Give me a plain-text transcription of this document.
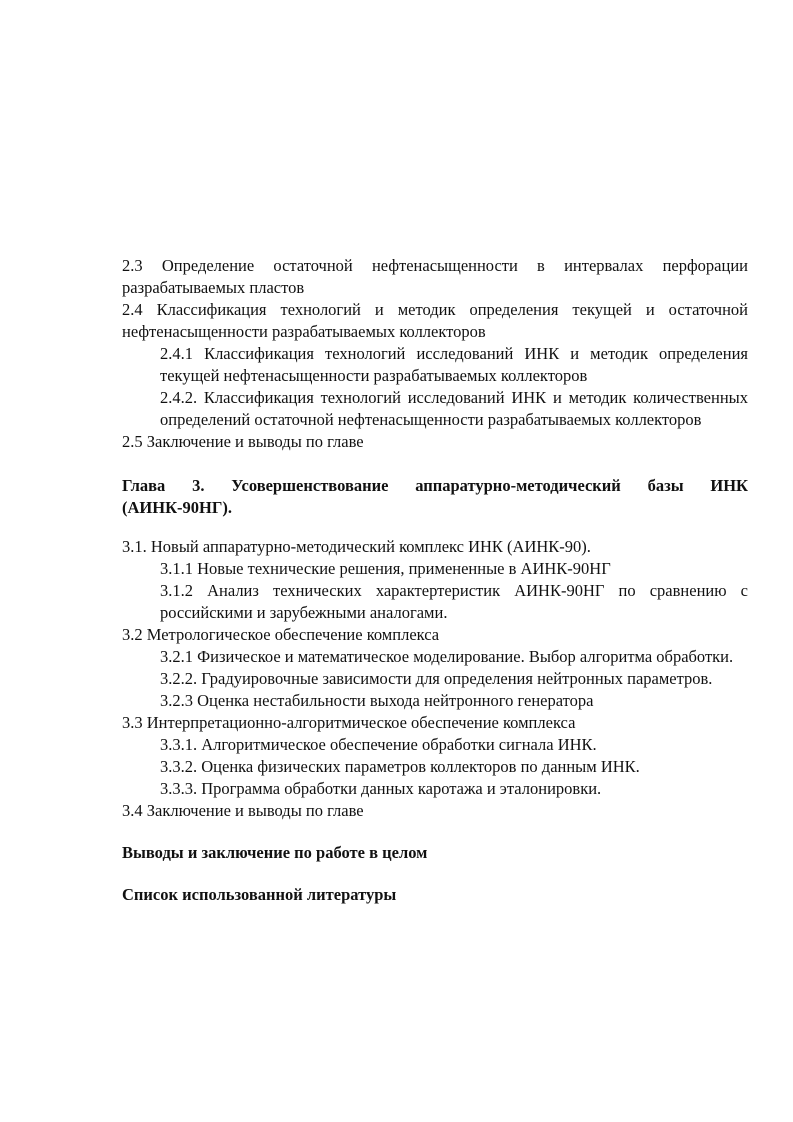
2.3 Определение остаточной нефтенасыщенности в интервалах перфорации разрабатываемых пластов

2.4 Классификация технологий и методик определения текущей и остаточной нефтенасыщенности разрабатываемых коллекторов

2.4.1 Классификация технологий исследований ИНК и методик определения текущей нефтенасыщенности разрабатываемых коллекторов

2.4.2. Классификация технологий исследований ИНК и методик количественных определений остаточной нефтенасыщенности разрабатываемых коллекторов

2.5 Заключение и выводы по главе

Глава 3. Усовершенствование аппаратурно-методический базы ИНК (АИНК-90НГ).

3.1. Новый аппаратурно-методический комплекс ИНК (АИНК-90).

3.1.1 Новые технические решения, примененные в АИНК-90НГ

3.1.2 Анализ технических характертеристик АИНК-90НГ по сравнению с российскими и зарубежными аналогами.

3.2 Метрологическое обеспечение комплекса

3.2.1 Физическое и математическое моделирование. Выбор алгоритма обработки.

3.2.2. Градуировочные зависимости для определения нейтронных параметров.

3.2.3 Оценка нестабильности выхода нейтронного генератора

3.3 Интерпретационно-алгоритмическое обеспечение комплекса

3.3.1. Алгоритмическое обеспечение обработки сигнала ИНК.

3.3.2. Оценка физических параметров коллекторов по данным ИНК.

3.3.3. Программа обработки данных каротажа и эталонировки.

3.4 Заключение и выводы по главе

Выводы и заключение по работе в целом

Список использованной литературы
